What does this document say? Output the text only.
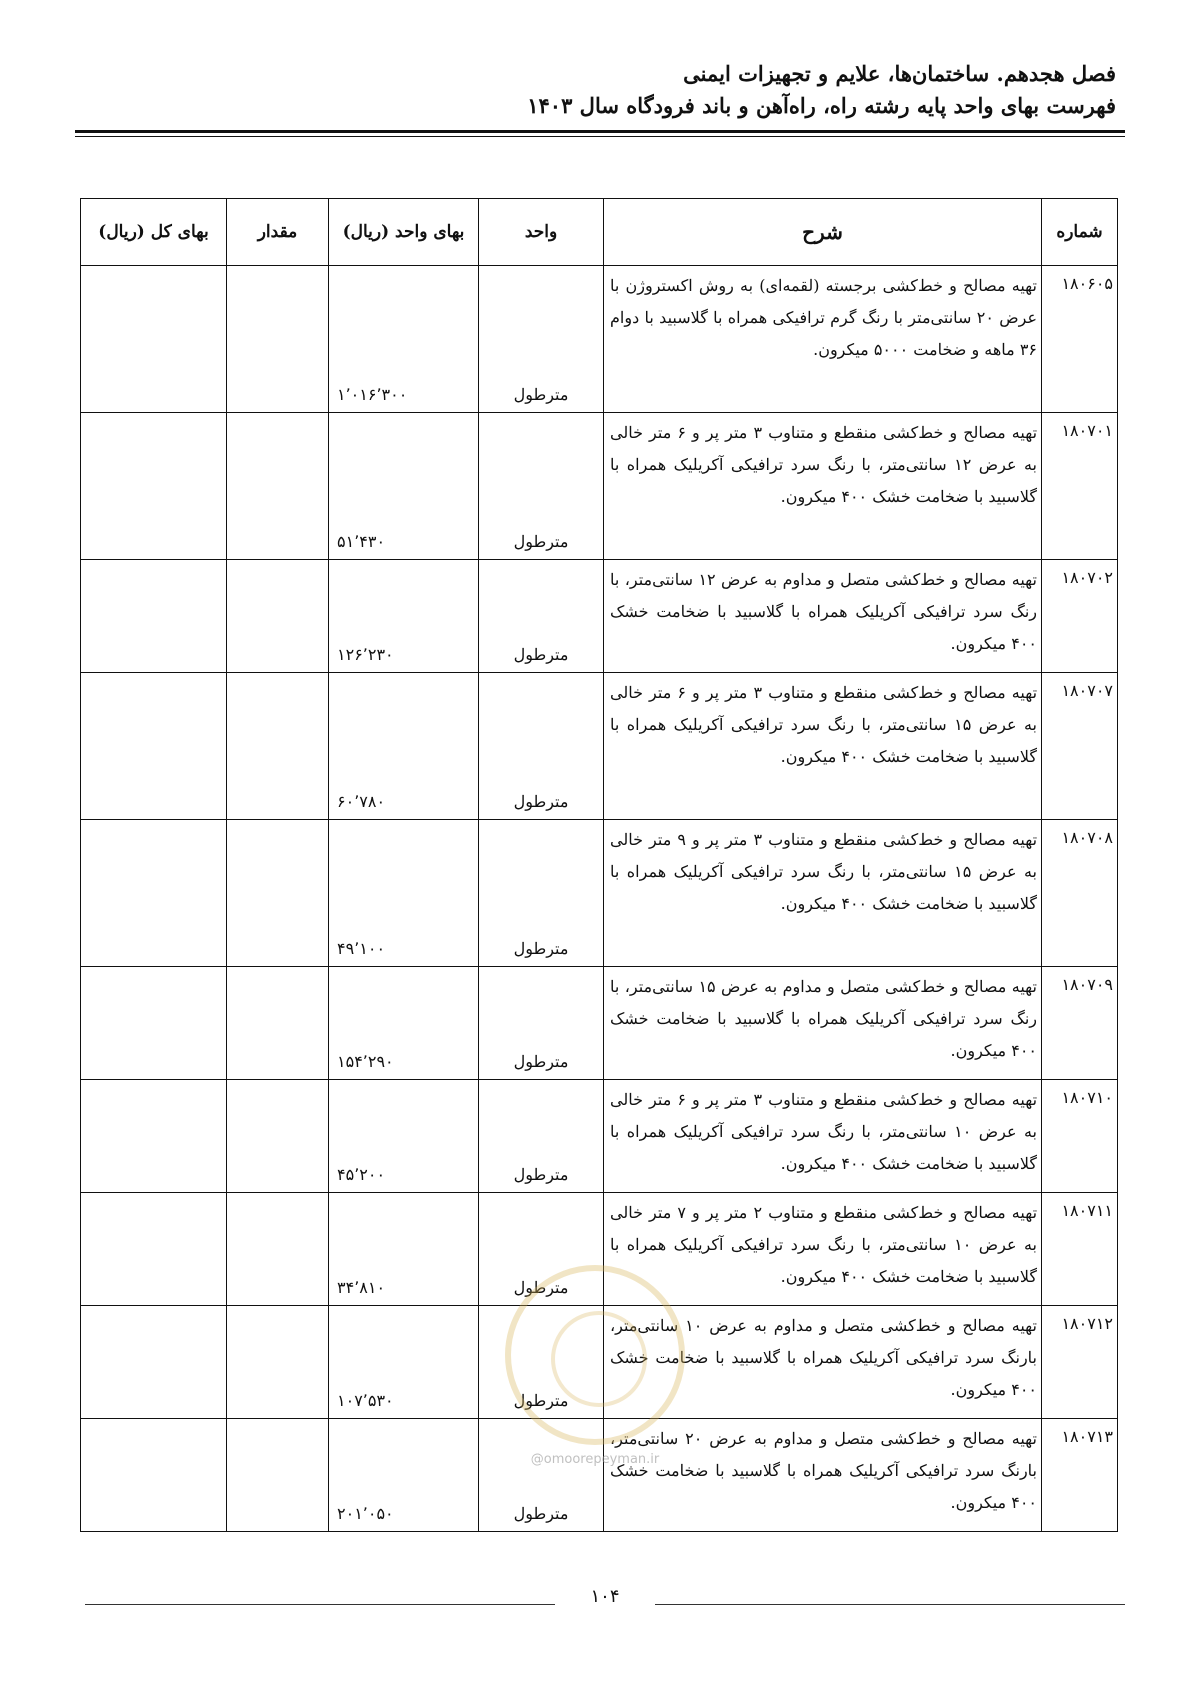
فصل هجدهم. ساختمان‌ها، علایم و تجهیزات ایمنی
فهرست بهای واحد پایه رشته راه، راه‌آهن و باند فرودگاه سال ۱۴۰۳
شماره	شرح	واحد	بهای واحد (ریال)	مقدار	بهای کل (ریال)
۱۸۰۶۰۵	تهیه مصالح و خط‌کشی برجسته (لقمه‌ای) به روش اکستروژن با عرض ۲۰ سانتی‌متر با رنگ گرم ترافیکی همراه با گلاسبید با دوام ۳۶ ماهه و ضخامت ۵۰۰۰ میکرون.	مترطول	۱٬۰۱۶٬۳۰۰		
۱۸۰۷۰۱	تهیه مصالح و خط‌کشی منقطع و متناوب ۳ متر پر و ۶ متر خالی به عرض ۱۲ سانتی‌متر، با رنگ سرد ترافیکی آکریلیک همراه با گلاسبید با ضخامت خشک ۴۰۰ میکرون.	مترطول	۵۱٬۴۳۰		
۱۸۰۷۰۲	تهیه مصالح و خط‌کشی متصل و مداوم به عرض ۱۲ سانتی‌متر، با رنگ سرد ترافیکی آکریلیک همراه با گلاسبید با ضخامت خشک ۴۰۰ میکرون.	مترطول	۱۲۶٬۲۳۰		
۱۸۰۷۰۷	تهیه مصالح و خط‌کشی منقطع و متناوب ۳ متر پر و ۶ متر خالی به عرض ۱۵ سانتی‌متر، با رنگ سرد ترافیکی آکریلیک همراه با گلاسبید با ضخامت خشک ۴۰۰ میکرون.	مترطول	۶۰٬۷۸۰		
۱۸۰۷۰۸	تهیه مصالح و خط‌کشی منقطع و متناوب ۳ متر پر و ۹ متر خالی به عرض ۱۵ سانتی‌متر، با رنگ سرد ترافیکی آکریلیک همراه با گلاسبید با ضخامت خشک ۴۰۰ میکرون.	مترطول	۴۹٬۱۰۰		
۱۸۰۷۰۹	تهیه مصالح و خط‌کشی متصل و مداوم به عرض ۱۵ سانتی‌متر، با رنگ سرد ترافیکی آکریلیک همراه با گلاسبید با ضخامت خشک ۴۰۰ میکرون.	مترطول	۱۵۴٬۲۹۰		
۱۸۰۷۱۰	تهیه مصالح و خط‌کشی منقطع و متناوب ۳ متر پر و ۶ متر خالی به عرض ۱۰ سانتی‌متر، با رنگ سرد ترافیکی آکریلیک همراه با گلاسبید با ضخامت خشک ۴۰۰ میکرون.	مترطول	۴۵٬۲۰۰		
۱۸۰۷۱۱	تهیه مصالح و خط‌کشی منقطع و متناوب ۲ متر پر و ۷ متر خالی به عرض ۱۰ سانتی‌متر، با رنگ سرد ترافیکی آکریلیک همراه با گلاسبید با ضخامت خشک ۴۰۰ میکرون.	مترطول	۳۴٬۸۱۰		
۱۸۰۷۱۲	تهیه مصالح و خط‌کشی متصل و مداوم به عرض ۱۰ سانتی‌متر، بارنگ سرد ترافیکی آکریلیک همراه با گلاسبید با ضخامت خشک ۴۰۰ میکرون.	مترطول	۱۰۷٬۵۳۰		
۱۸۰۷۱۳	تهیه مصالح و خط‌کشی متصل و مداوم به عرض ۲۰ سانتی‌متر، بارنگ سرد ترافیکی آکریلیک همراه با گلاسبید با ضخامت خشک ۴۰۰ میکرون.	مترطول	۲۰۱٬۰۵۰		
@omoorepeyman.ir
۱۰۴
